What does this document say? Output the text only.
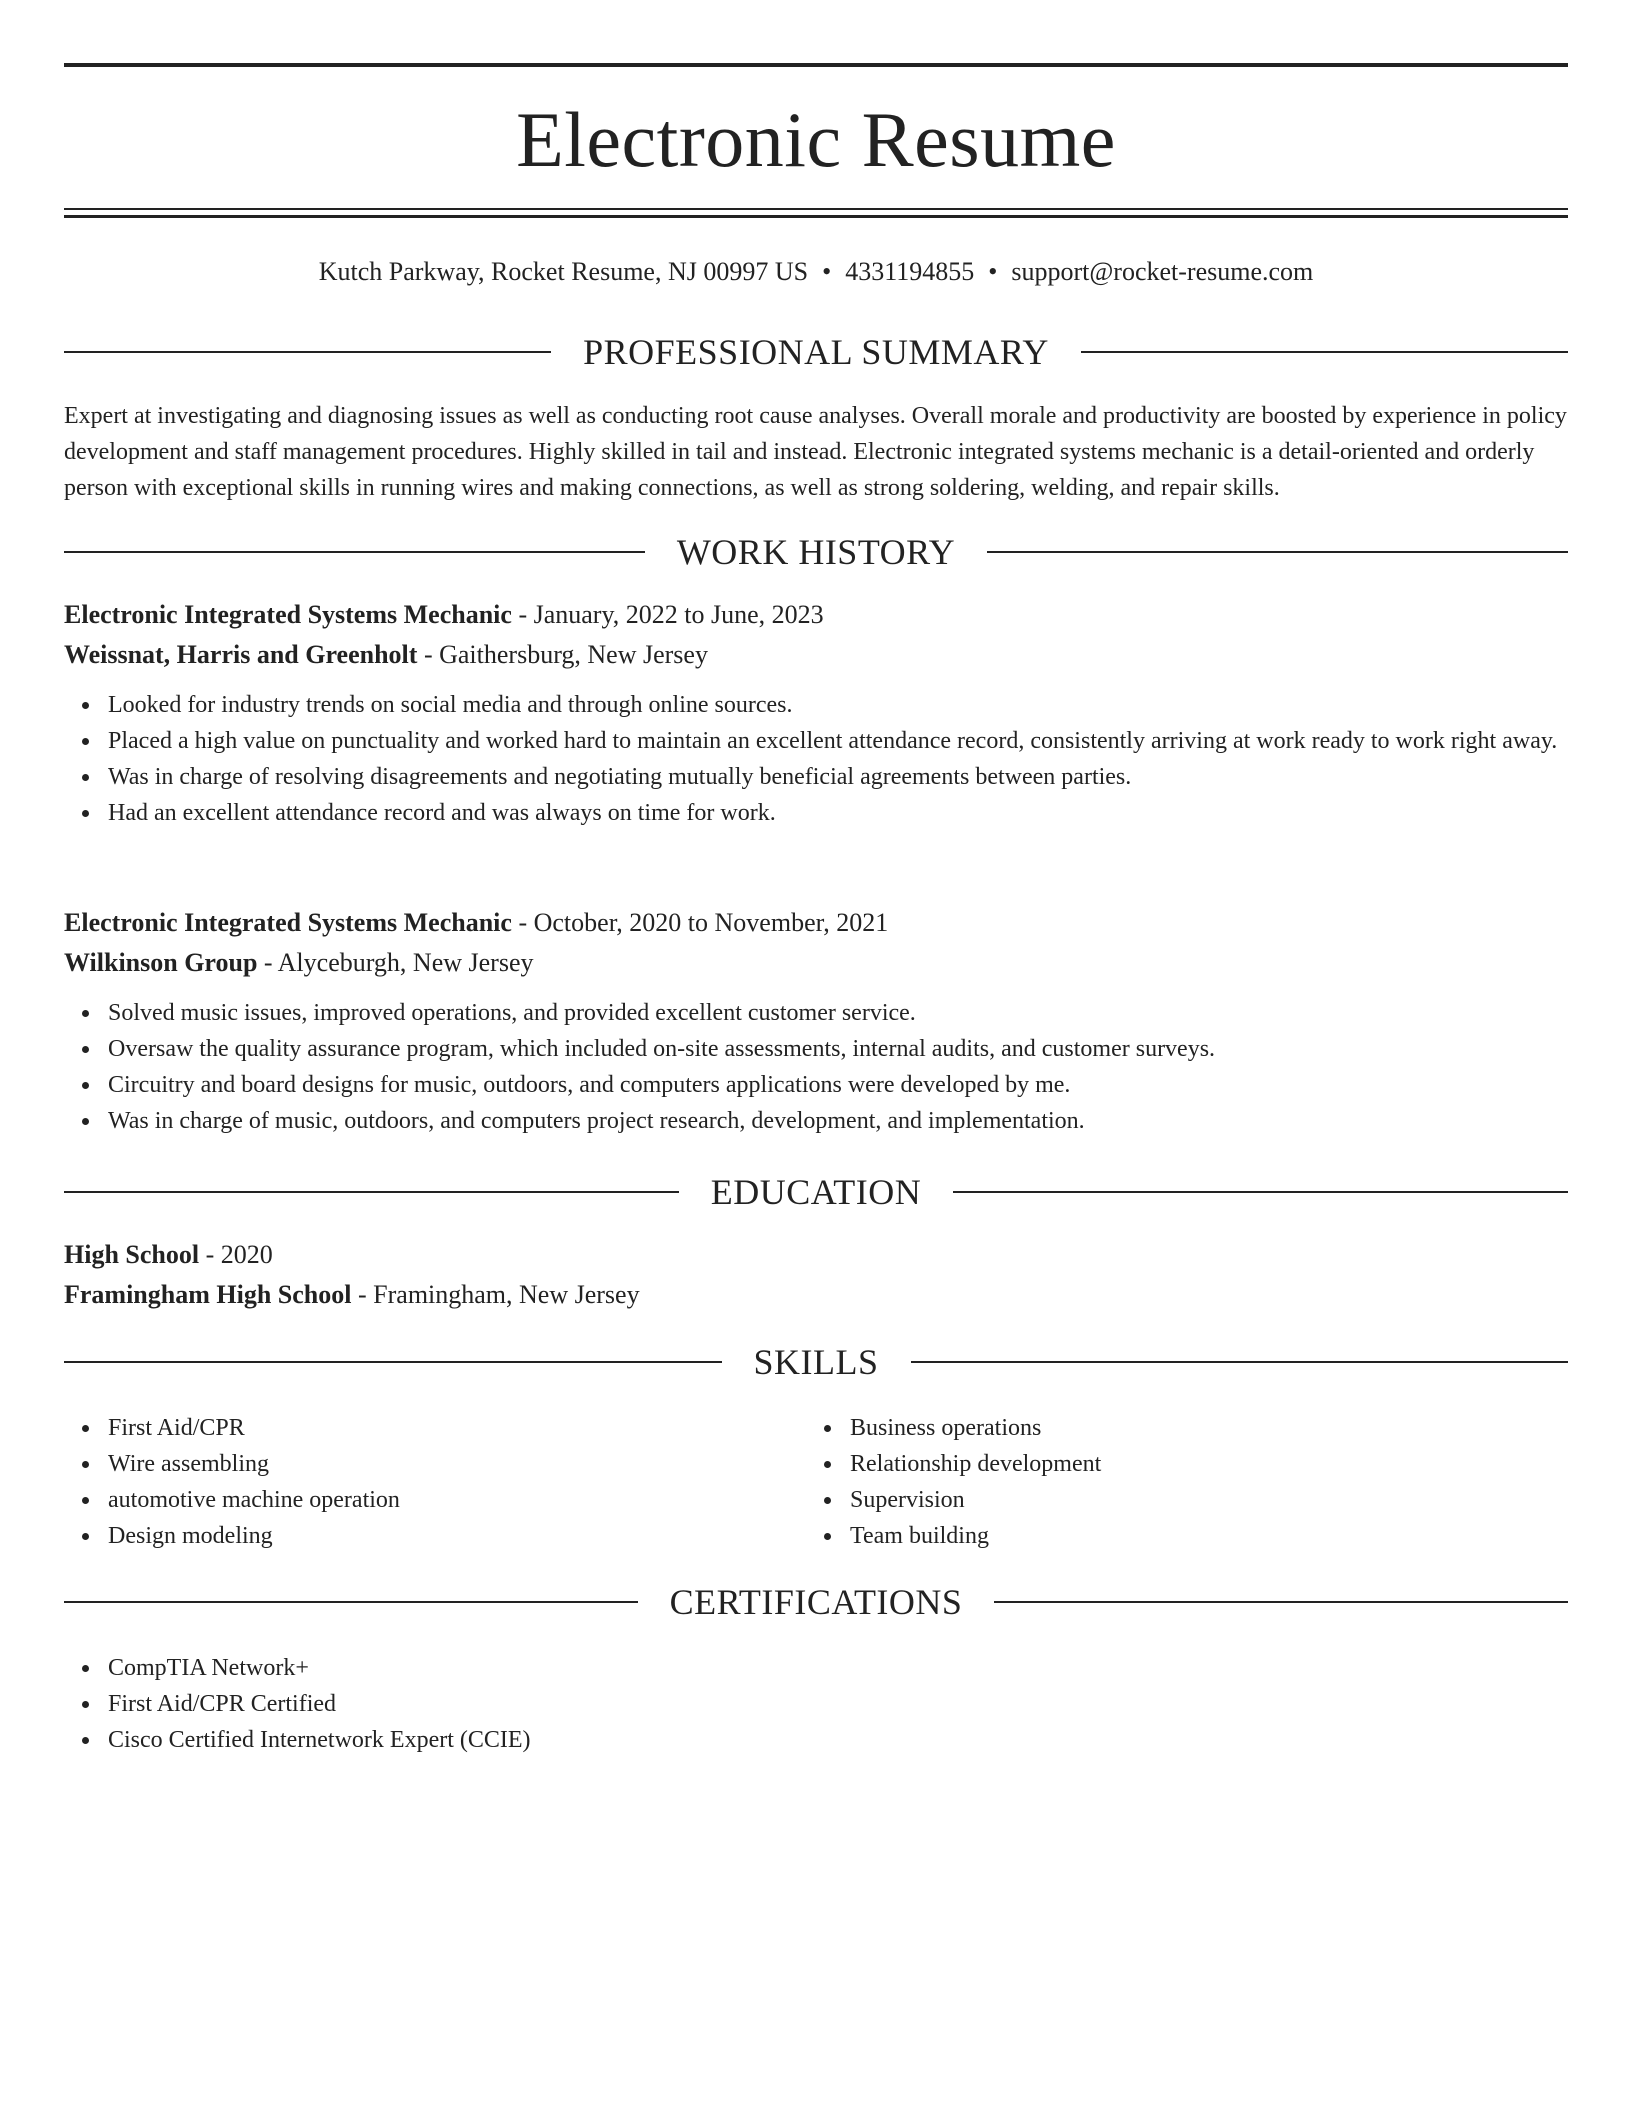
Electronic Resume
Kutch Parkway, Rocket Resume, NJ 00997 US • 4331194855 • support@rocket-resume.com
PROFESSIONAL SUMMARY

Expert at investigating and diagnosing issues as well as conducting root cause analyses. Overall morale and productivity are boosted by experience in policy development and staff management procedures. Highly skilled in tail and instead. Electronic integrated systems mechanic is a detail-oriented and orderly person with exceptional skills in running wires and making connections, as well as strong soldering, welding, and repair skills.

WORK HISTORY
Electronic Integrated Systems Mechanic - January, 2022 to June, 2023
Weissnat, Harris and Greenholt - Gaithersburg, New Jersey
Looked for industry trends on social media and through online sources.
Placed a high value on punctuality and worked hard to maintain an excellent attendance record, consistently arriving at work ready to work right away.
Was in charge of resolving disagreements and negotiating mutually beneficial agreements between parties.
Had an excellent attendance record and was always on time for work.
Electronic Integrated Systems Mechanic - October, 2020 to November, 2021
Wilkinson Group - Alyceburgh, New Jersey
Solved music issues, improved operations, and provided excellent customer service.
Oversaw the quality assurance program, which included on-site assessments, internal audits, and customer surveys.
Circuitry and board designs for music, outdoors, and computers applications were developed by me.
Was in charge of music, outdoors, and computers project research, development, and implementation.
EDUCATION
High School - 2020
Framingham High School - Framingham, New Jersey
SKILLS
First Aid/CPR
Wire assembling
automotive machine operation
Design modeling
Business operations
Relationship development
Supervision
Team building
CERTIFICATIONS
CompTIA Network+
First Aid/CPR Certified
Cisco Certified Internetwork Expert (CCIE)
